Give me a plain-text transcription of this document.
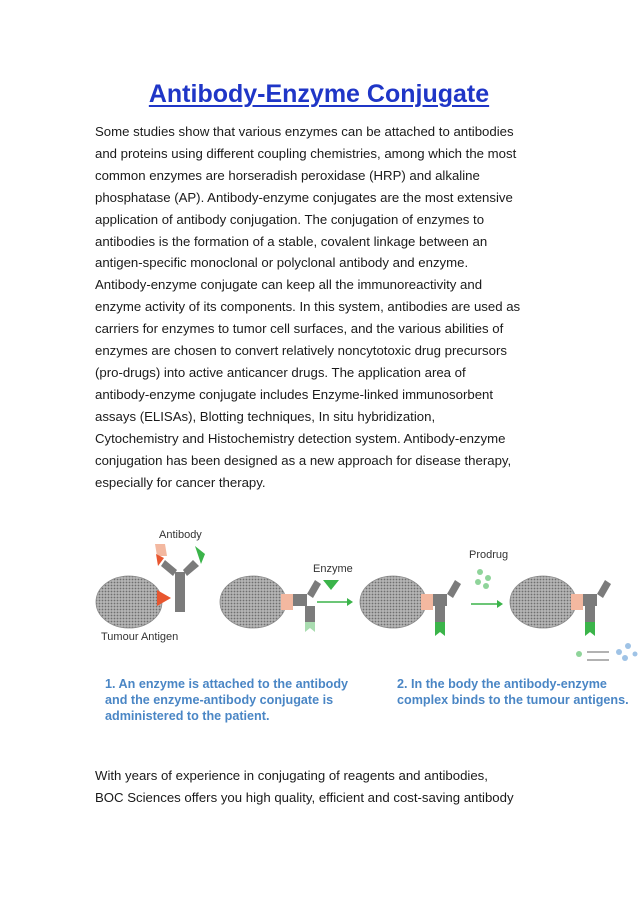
Antibody-Enzyme Conjugate
Some studies show that various enzymes can be attached to antibodies
and proteins using different coupling chemistries, among which the most
common enzymes are horseradish peroxidase (HRP) and alkaline
phosphatase (AP). Antibody-enzyme conjugates are the most extensive
application of antibody conjugation. The conjugation of enzymes to
antibodies is the formation of a stable, covalent linkage between an
antigen-specific monoclonal or polyclonal antibody and enzyme.
Antibody-enzyme conjugate can keep all the immunoreactivity and
enzyme activity of its components. In this system, antibodies are used as
carriers for enzymes to tumor cell surfaces, and the various abilities of
enzymes are chosen to convert relatively noncytotoxic drug precursors
(pro-drugs) into active anticancer drugs. The application area of
antibody-enzyme conjugate includes Enzyme-linked immunosorbent
assays (ELISAs), Blotting techniques, In situ hybridization,
Cytochemistry and Histochemistry detection system. Antibody-enzyme
conjugation has been designed as a new approach for disease therapy,
especially for cancer therapy.
Antibody
Enzyme
Prodrug
Tumour Antigen
1. An enzyme is attached to the antibody
and the enzyme-antibody conjugate is
administered to the patient.
2. In the body the antibody-enzyme
complex binds to the tumour antigens.
With years of experience in conjugating of reagents and antibodies,
BOC Sciences offers you high quality, efficient and cost-saving antibody
